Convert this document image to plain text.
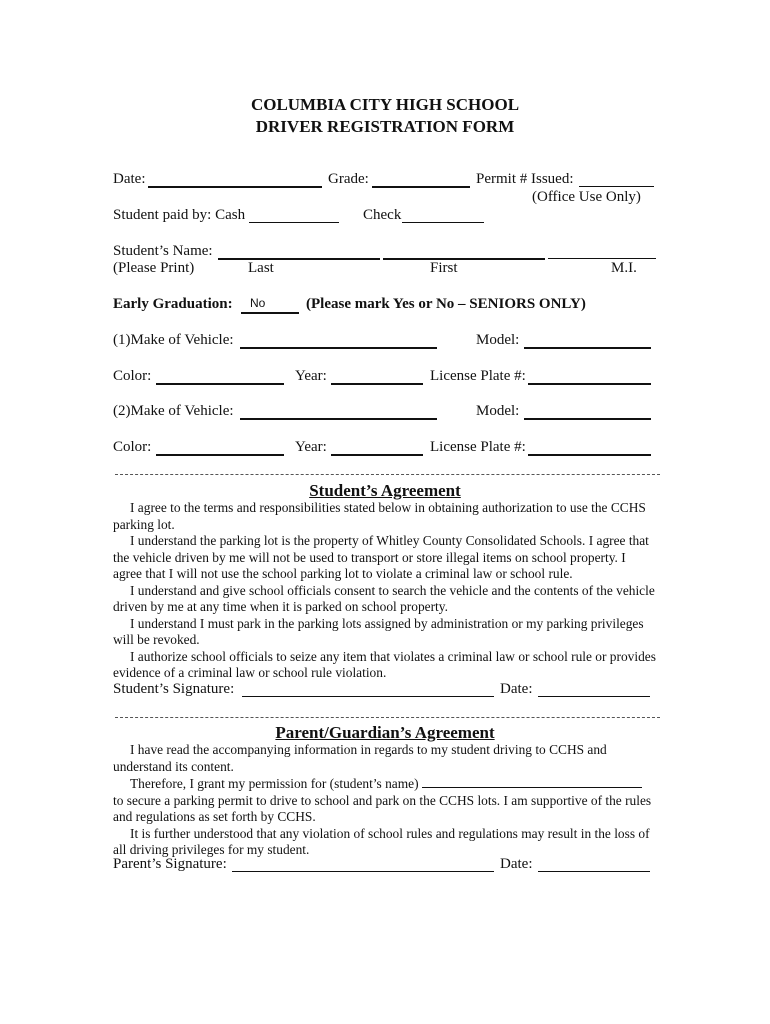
COLUMBIA CITY HIGH SCHOOL
DRIVER REGISTRATION FORM
Date:	Grade:	Permit # Issued:
(Office Use Only)
Student paid by: Cash	Check
Student’s Name:
(Please Print)	Last	First	M.I.
Early Graduation: No	(Please mark Yes or No – SENIORS ONLY)
(1)Make of Vehicle:	Model:
Color:	Year:	License Plate #:
(2)Make of Vehicle:	Model:
Color:	Year:	License Plate #:
Student’s Agreement

I agree to the terms and responsibilities stated below in obtaining authorization to use the CCHS parking lot.

I understand the parking lot is the property of Whitley County Consolidated Schools. I agree that the vehicle driven by me will not be used to transport or store illegal items on school property. I agree that I will not use the school parking lot to violate a criminal law or school rule.

I understand and give school officials consent to search the vehicle and the contents of the vehicle driven by me at any time when it is parked on school property.

I understand I must park in the parking lots assigned by administration or my parking privileges will be revoked.

I authorize school officials to seize any item that violates a criminal law or school rule or provides evidence of a criminal law or school rule violation.

Student’s Signature:	Date:
Parent/Guardian’s Agreement

I have read the accompanying information in regards to my student driving to CCHS and understand its content.

Therefore, I grant my permission for (student’s name)

to secure a parking permit to drive to school and park on the CCHS lots. I am supportive of the rules and regulations as set forth by CCHS.

It is further understood that any violation of school rules and regulations may result in the loss of all driving privileges for my student.

Parent’s Signature:	Date:
